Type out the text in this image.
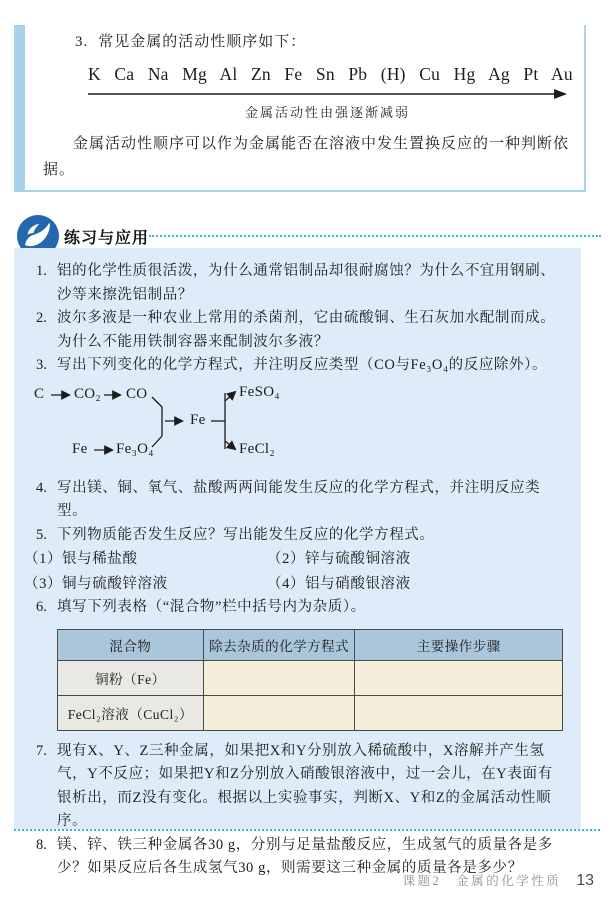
3. 常见金属的活动性顺序如下：
K Ca Na Mg Al Zn Fe Sn Pb (H) Cu Hg Ag Pt Au
金属活动性由强逐渐减弱
金属活动性顺序可以作为金属能否在溶液中发生置换反应的一种判断依据。
练习与应用
1. 铝的化学性质很活泼，为什么通常铝制品却很耐腐蚀？为什么不宜用钢刷、沙等来擦洗铝制品？
2. 波尔多液是一种农业上常用的杀菌剂，它由硫酸铜、生石灰加水配制而成。为什么不能用铁制容器来配制波尔多液？
3. 写出下列变化的化学方程式，并注明反应类型（CO与Fe₃O₄的反应除外）。
C CO₂ CO
Fe Fe₃O₄
Fe
FeSO₄
FeCl₂
4. 写出镁、铜、氧气、盐酸两两间能发生反应的化学方程式，并注明反应类型。
5. 下列物质能否发生反应？写出能发生反应的化学方程式。
（1）银与稀盐酸	（2）锌与硫酸铜溶液
（3）铜与硫酸锌溶液	（4）铝与硝酸银溶液
6. 填写下列表格（“混合物”栏中括号内为杂质）。
混合物	除去杂质的化学方程式	主要操作步骤
铜粉（Fe）		
FeCl₂溶液（CuCl₂）		
7. 现有X、Y、Z三种金属，如果把X和Y分别放入稀硫酸中，X溶解并产生氢气，Y不反应；如果把Y和Z分别放入硝酸银溶液中，过一会儿，在Y表面有银析出，而Z没有变化。根据以上实验事实，判断X、Y和Z的金属活动性顺序。
8. 镁、锌、铁三种金属各30 g，分别与足量盐酸反应，生成氢气的质量各是多少？如果反应后各生成氢气30 g，则需要这三种金属的质量各是多少？
课题2　金属的化学性质 13
